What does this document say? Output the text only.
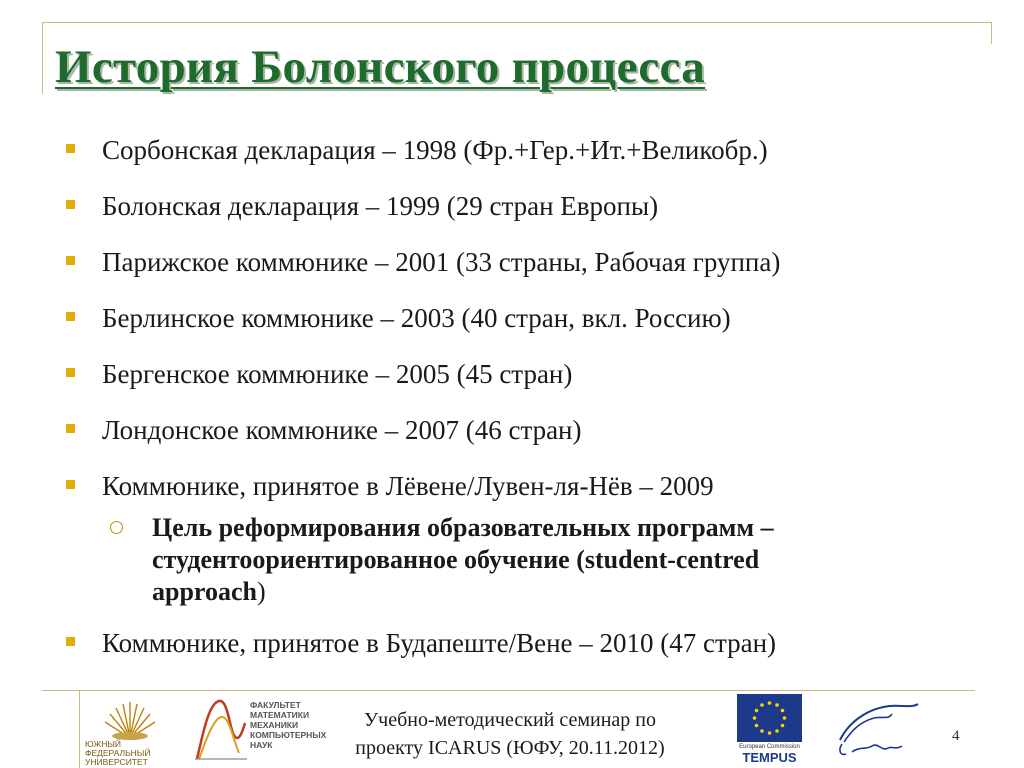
История Болонского процесса
Сорбонская декларация – 1998 (Фр.+Гер.+Ит.+Великобр.)
Болонская декларация – 1999 (29 стран Европы)
Парижское коммюнике – 2001 (33 страны, Рабочая группа)
Берлинское коммюнике – 2003 (40 стран, вкл. Россию)
Бергенское коммюнике – 2005 (45 стран)
Лондонское коммюнике – 2007 (46 стран)
Коммюнике, принятое в Лёвене/Лувен-ля-Нёв – 2009
Цель реформирования образовательных программ –
студентоориентированное обучение (student-centred
approach)
Коммюнике, принятое в Будапеште/Вене – 2010 (47 стран)
ЮЖНЫЙ
ФЕДЕРАЛЬНЫЙ
УНИВЕРСИТЕТ
ФАКУЛЬТЕТ
МАТЕМАТИКИ
МЕХАНИКИ
КОМПЬЮТЕРНЫХ
НАУК
Учебно-методический семинар по
проекту ICARUS (ЮФУ, 20.11.2012)	European Commission
TEMPUS
4
